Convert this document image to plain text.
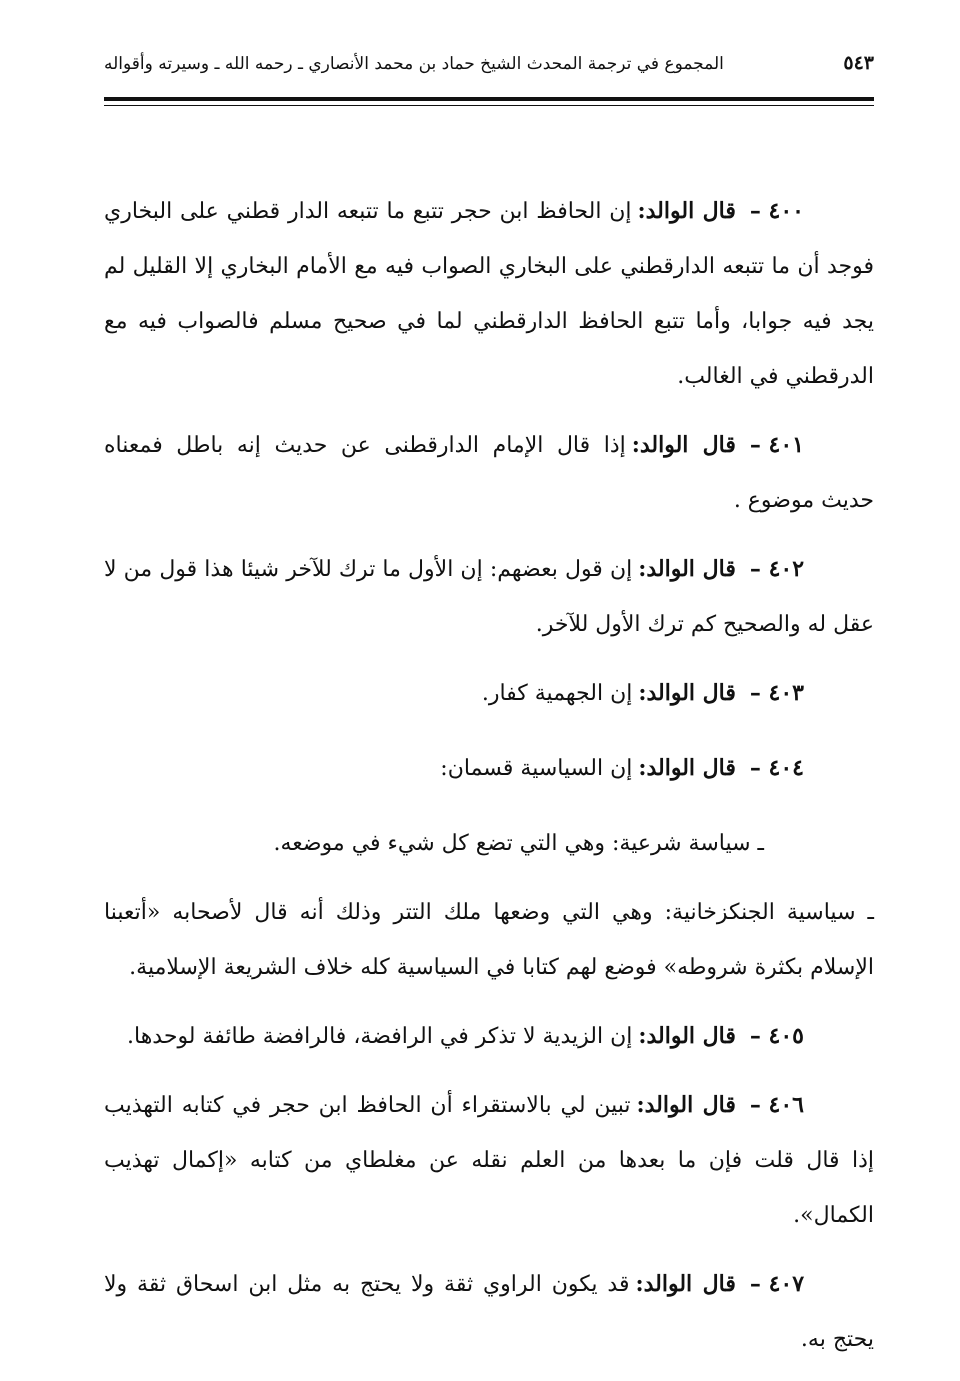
المجموع في ترجمة المحدث الشيخ حماد بن محمد الأنصاري ـ رحمه الله ـ وسيرته وأقواله	٥٤٣

٤٠٠ –قال الوالد:إن الحافظ ابن حجر تتبع ما تتبعه الدار قطني على البخاري فوجد أن ما تتبعه الدارقطني على البخاري الصواب فيه مع الأمام البخاري إلا القليل لم يجد فيه جوابا، وأما تتبع الحافظ الدارقطني لما في صحيح مسلم فالصواب فيه مع الدرقطني في الغالب.

٤٠١ –قال الوالد:إذا قال الإمام الدارقطنى عن حديث إنه باطل فمعناه حديث موضوع .

٤٠٢ –قال الوالد:إن قول بعضهم: إن الأول ما ترك للآخر شيئا هذا قول من لا عقل له والصحيح كم ترك الأول للآخر.

٤٠٣ –قال الوالد:إن الجهمية كفار.

٤٠٤ –قال الوالد:إن السياسية قسمان:

ـ سياسة شرعية: وهي التي تضع كل شيء في موضعه.

ـ سياسية الجنكزخانية: وهي التي وضعها ملك التتر وذلك أنه قال لأصحابه «أتعبنا الإسلام بكثرة شروطه» فوضع لهم كتابا في السياسية كله خلاف الشريعة الإسلامية.

٤٠٥ –قال الوالد:إن الزيدية لا تذكر في الرافضة، فالرافضة طائفة لوحدها.

٤٠٦ –قال الوالد:تبين لي بالاستقراء أن الحافظ ابن حجر في كتابه التهذيب إذا قال قلت فإن ما بعدها من العلم نقله عن مغلطاي من كتابه «إكمال تهذيب الكمال».

٤٠٧ –قال الوالد:قد يكون الراوي ثقة ولا يحتج به مثل ابن اسحاق ثقة ولا يحتج به.
